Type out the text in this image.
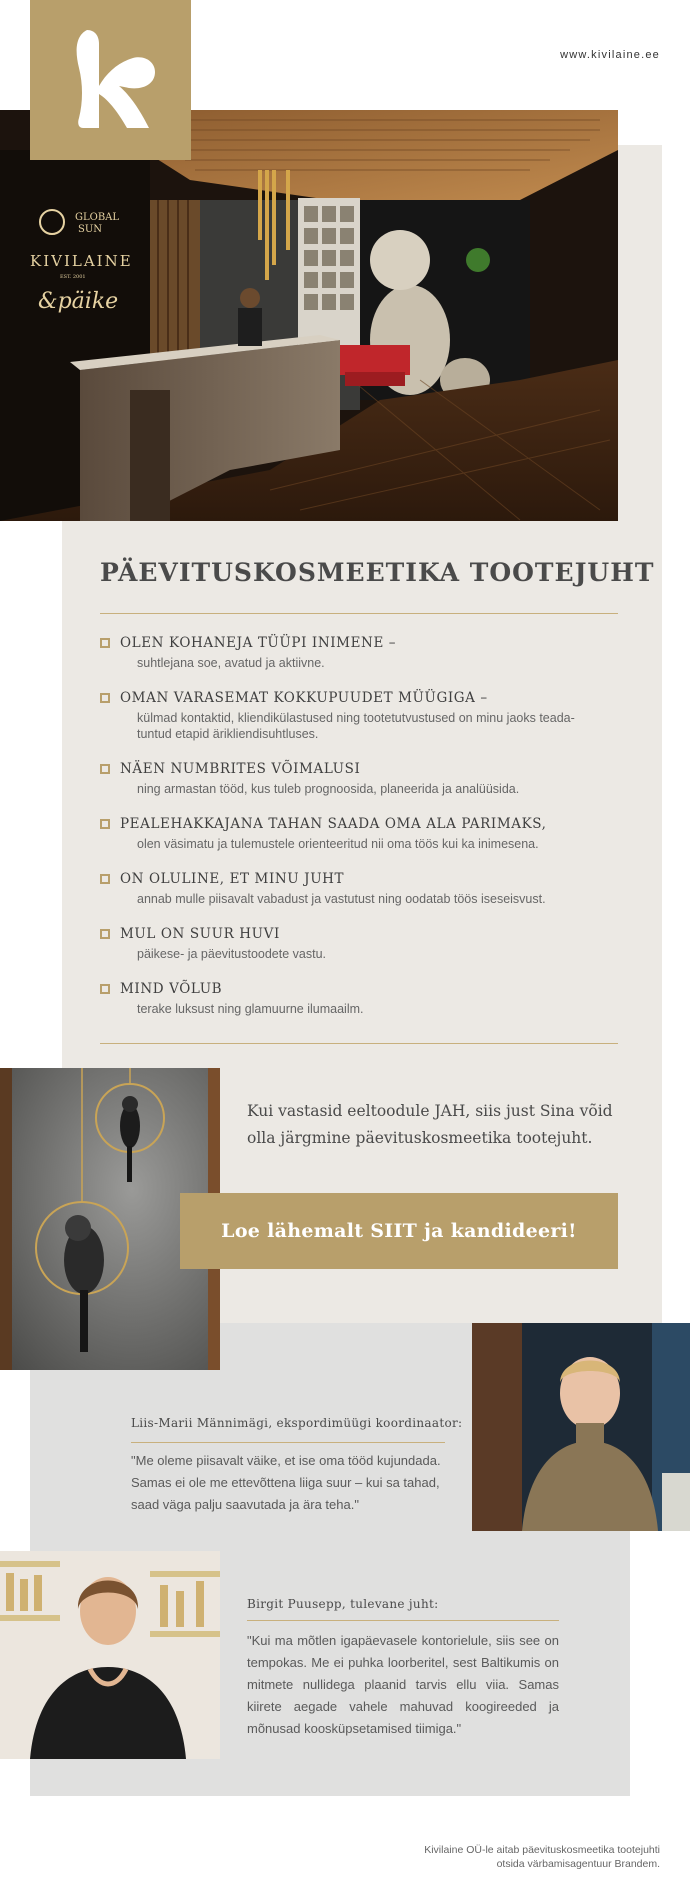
www.kivilaine.ee
GLOBAL
SUN
KIVILAINE
EST. 2001
&päike
PÄEVITUSKOSMEETIKA TOOTEJUHT
OLEN KOHANEJA TÜÜPI INIMENE –
suhtlejana soe, avatud ja aktiivne.
OMAN VARASEMAT KOKKUPUUDET MÜÜGIGA –
külmad kontaktid, kliendikülastused ning tootetutvustused on minu jaoks teada-tuntud etapid ärikliendisuhtluses.
NÄEN NUMBRITES VÕIMALUSI
ning armastan tööd, kus tuleb prognoosida, planeerida ja analüüsida.
PEALEHAKKAJANA TAHAN SAADA OMA ALA PARIMAKS,
olen väsimatu ja tulemustele orienteeritud nii oma töös kui ka inimesena.
ON OLULINE, ET MINU JUHT
annab mulle piisavalt vabadust ja vastutust ning oodatab töös iseseisvust.
MUL ON SUUR HUVI
päikese- ja päevitustoodete vastu.
MIND VÕLUB
terake luksust ning glamuurne ilumaailm.

Kui vastasid eeltoodule JAH, siis just Sina võid olla järgmine päevituskosmeetika tootejuht.

Loe lähemalt SIIT ja kandideeri!
Liis-Marii Männimägi, ekspordimüügi koordinaator:

"Me oleme piisavalt väike, et ise oma tööd kujundada. Samas ei ole me ettevõttena liiga suur – kui sa tahad, saad väga palju saavutada ja ära teha."

Birgit Puusepp, tulevane juht:

"Kui ma mõtlen igapäevasele kontorielule, siis see on tempokas. Me ei puhka loorberitel, sest Baltikumis on mitmete nullidega plaanid tarvis ellu viia. Samas kiirete aegade vahele mahuvad koogireeded ja mõnusad koosküpsetamised tiimiga."

Kivilaine OÜ-le aitab päevituskosmeetika tootejuhti
otsida värbamisagentuur Brandem.
